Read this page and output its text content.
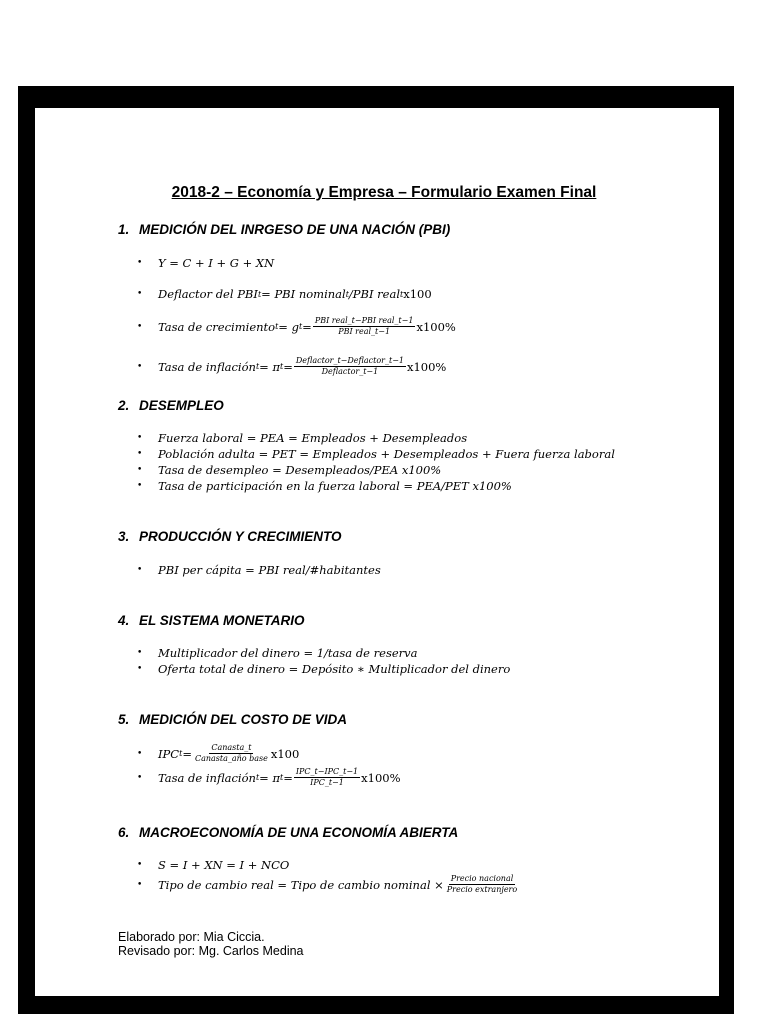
2018-2 – Economía y Empresa – Formulario Examen Final
1. MEDICIÓN DEL INRGESO DE UNA NACIÓN (PBI)
•	Y = C + I + G + XN
•	Deflactor del PBI t = PBI nominal t /PBI real t x100
•	Tasa de crecimiento t = g $t = \frac{\text{PBI real\_t−PBI real\_t−1}}{\text{PBI real\_t−1}} x100\%$
•	Tasa de inflación t = π $t = \frac{\text{Deflactor\_t−Deflactor\_t−1}}{\text{Deflactor\_t−1}} x100\%$
2. DESEMPLEO
•	Fuerza laboral = PEA = Empleados + Desempleados
•	Población adulta = PET = Empleados + Desempleados + Fuera fuerza laboral
•	Tasa de desempleo = Desempleados/PEA x100%
•	Tasa de participación en la fuerza laboral = PEA/PET x100%
3. PRODUCCIÓN Y CRECIMIENTO
•	PBI per cápita = PBI real/#habitantes
4. EL SISTEMA MONETARIO
•	Multiplicador del dinero = 1/tasa de reserva
•	Oferta total de dinero = Depósito ∗ Multiplicador del dinero
5. MEDICIÓN DEL COSTO DE VIDA
•	IPC $t = \frac{\text{Canasta\_t}}{\text{Canasta\_año base}} x100$
•	Tasa de inflación t = π $t = \frac{\text{IPC\_t−IPC\_t−1}}{\text{IPC\_t−1}} x100\%$
6. MACROECONOMÍA DE UNA ECONOMÍA ABIERTA
•	S = I + XN = I + NCO
•	Tipo de cambio real = Tipo de cambio nominal × $\frac{\text{Precio nacional}}{\text{Precio extranjero}}$
Elaborado por: Mia Ciccia.
Revisado por: Mg. Carlos Medina
